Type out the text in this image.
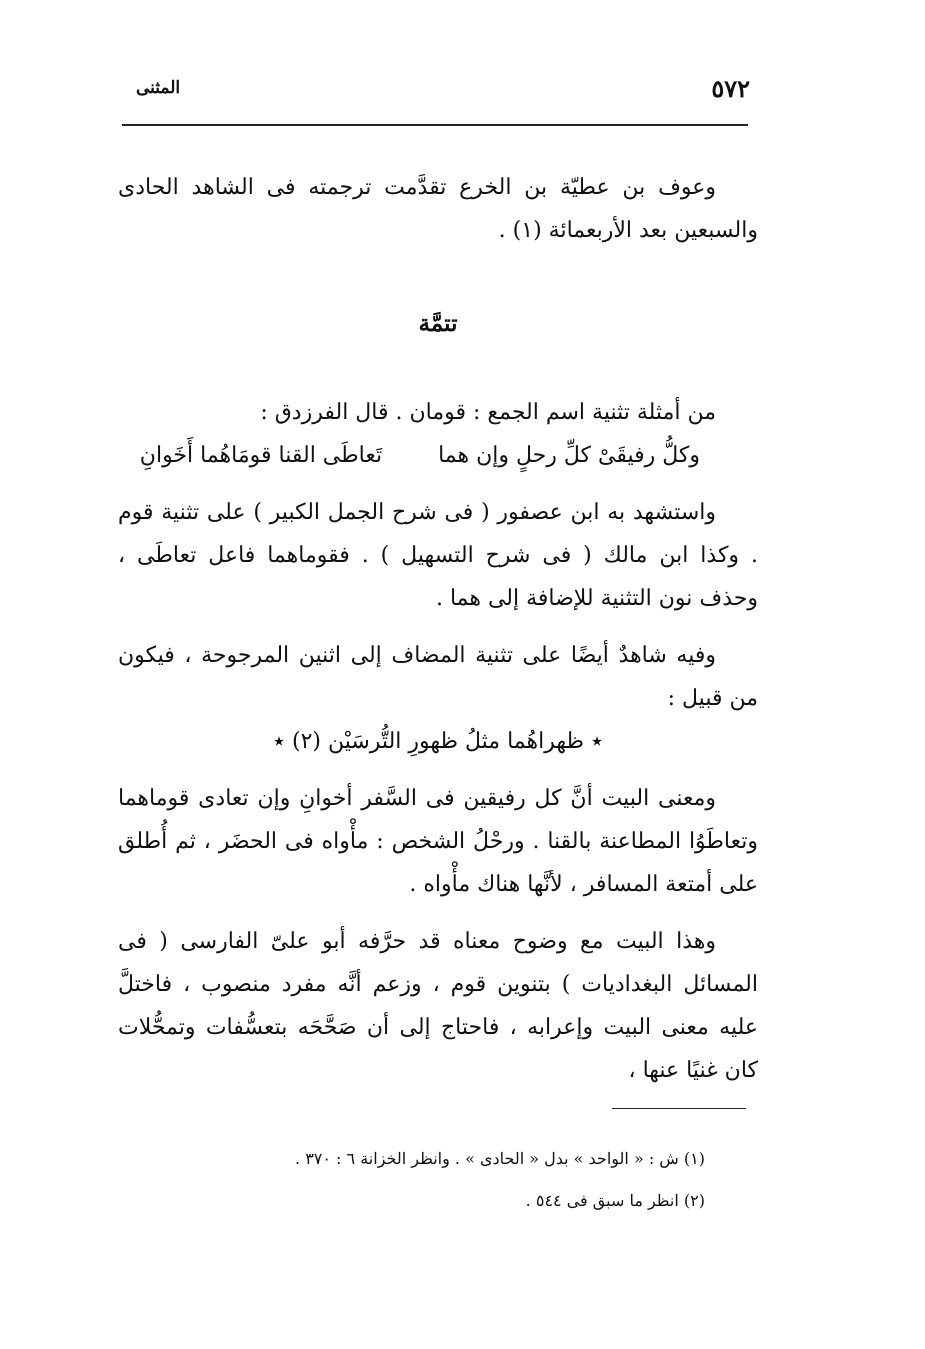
٥٧٢
المثنى

وعوف بن عطيّة بن الخرع تقدَّمت ترجمته فى الشاهد الحادى والسبعين بعد الأربعمائة (١) .

تتمَّة

من أمثلة تثنية اسم الجمع : قومان . قال الفرزدق :

وكلُّ رفيقَىْ كلِّ رحلٍ وإن هما
تَعاطَى القنا قومَاهُما أَخَوانِ

واستشهد به ابن عصفور ( فى شرح الجمل الكبير ) على تثنية قوم . وكذا ابن مالك ( فى شرح التسهيل ) . فقوماهما فاعل تعاطَى ، وحذف نون التثنية للإضافة إلى هما .

وفيه شاهدٌ أيضًا على تثنية المضاف إلى اثنين المرجوحة ، فيكون من قبيل :

٭ ظهراهُما مثلُ ظهورِ التُّرسَيْن (٢) ٭

ومعنى البيت أنَّ كل رفيقين فى السَّفر أخوانِ وإن تعادى قوماهما وتعاطَوُا المطاعنة بالقنا . ورحْلُ الشخص : مأْواه فى الحضَر ، ثم أُطلق على أمتعة المسافر ، لأنَّها هناك مأْواه .

وهذا البيت مع وضوح معناه قد حرَّفه أبو علىّ الفارسى ( فى المسائل البغداديات ) بتنوين قوم ، وزعم أنَّه مفرد منصوب ، فاختلَّ عليه معنى البيت وإعرابه ، فاحتاج إلى أن صَحَّحَه بتعسُّفات وتمحُّلات كان غنيًا عنها ،

(١) ش : « الواحد » بدل « الحادى » . وانظر الخزانة ٦ : ٣٧٠ .

(٢) انظر ما سبق فى ٥٤٤ .
